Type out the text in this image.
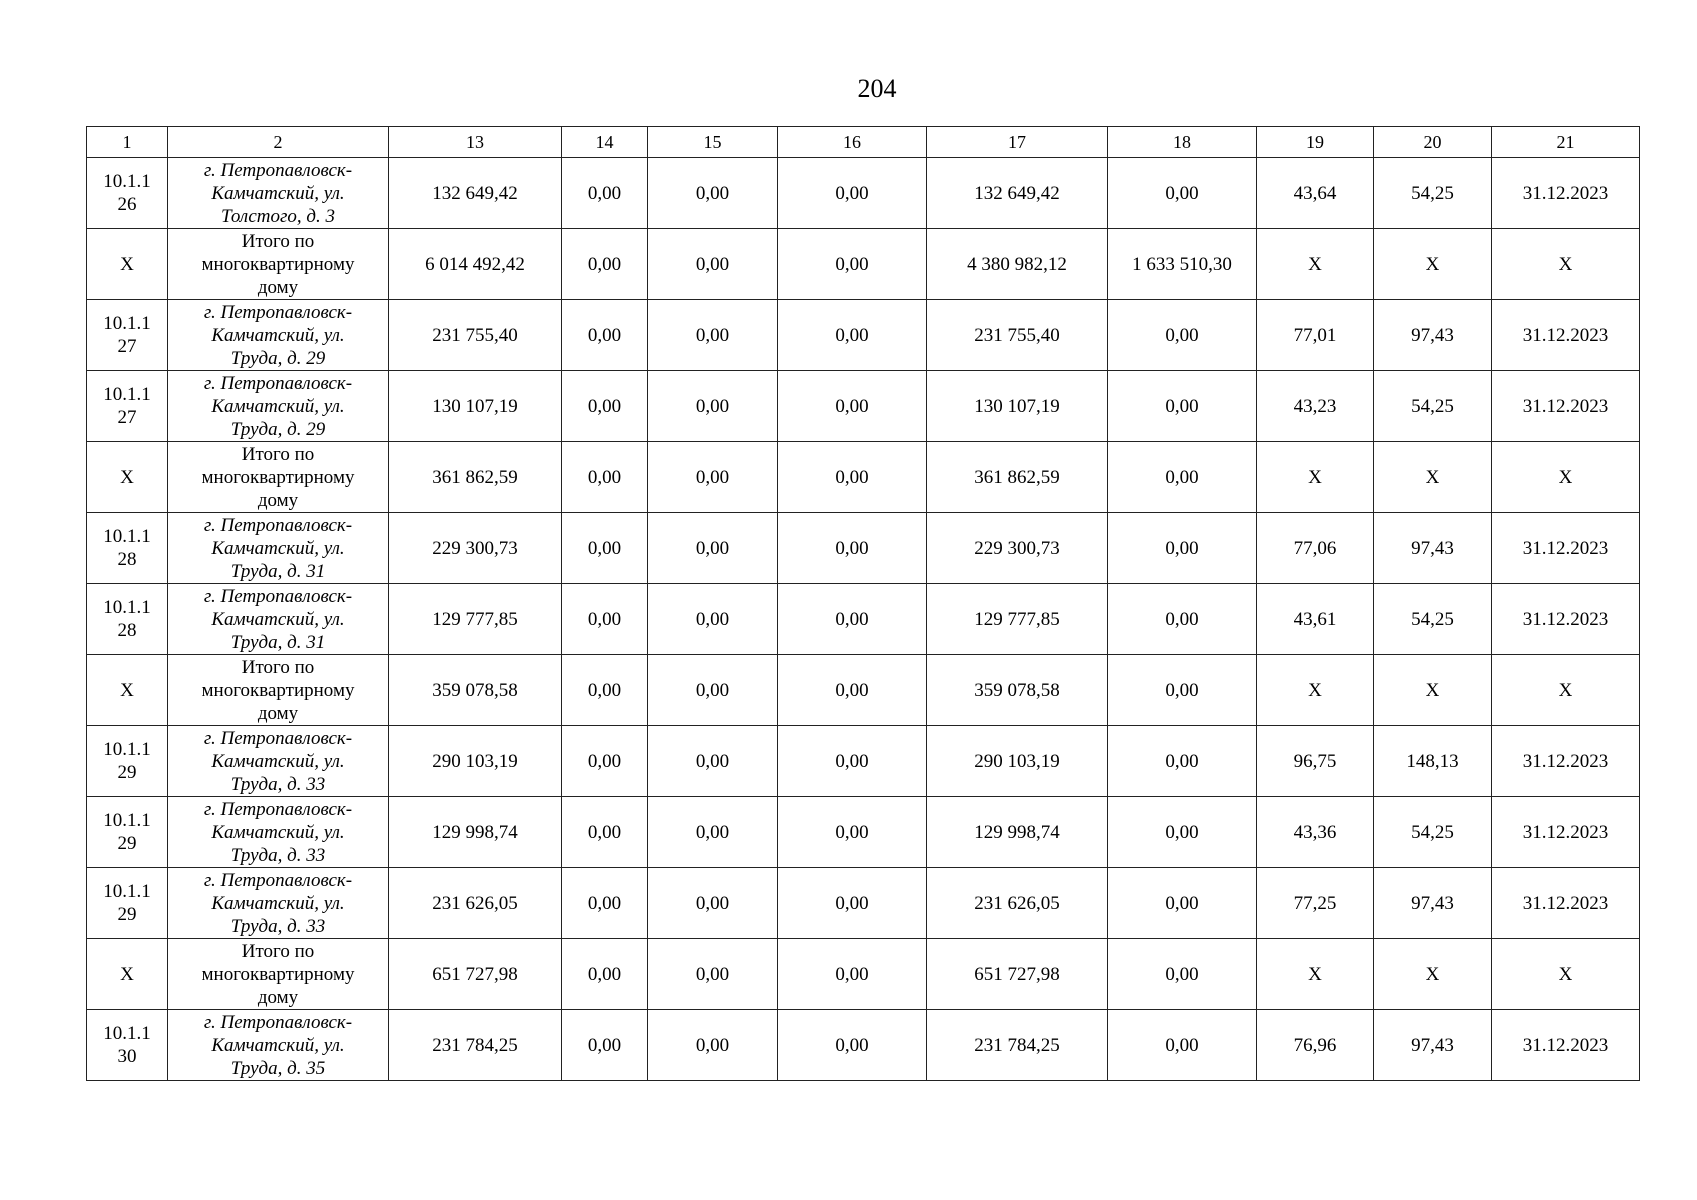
204
1	2	13	14	15	16	17	18	19	20	21

10.1.1
26	г. Петропавловск-
Камчатский, ул.
Толстого, д. 3	132 649,42	0,00	0,00	0,00	132 649,42	0,00	43,64	54,25	31.12.2023

X	Итого по
многоквартирному
дому	6 014 492,42	0,00	0,00	0,00	4 380 982,12	1 633 510,30	X	X	X

10.1.1
27	г. Петропавловск-
Камчатский, ул.
Труда, д. 29	231 755,40	0,00	0,00	0,00	231 755,40	0,00	77,01	97,43	31.12.2023

10.1.1
27	г. Петропавловск-
Камчатский, ул.
Труда, д. 29	130 107,19	0,00	0,00	0,00	130 107,19	0,00	43,23	54,25	31.12.2023

X	Итого по
многоквартирному
дому	361 862,59	0,00	0,00	0,00	361 862,59	0,00	X	X	X

10.1.1
28	г. Петропавловск-
Камчатский, ул.
Труда, д. 31	229 300,73	0,00	0,00	0,00	229 300,73	0,00	77,06	97,43	31.12.2023

10.1.1
28	г. Петропавловск-
Камчатский, ул.
Труда, д. 31	129 777,85	0,00	0,00	0,00	129 777,85	0,00	43,61	54,25	31.12.2023

X	Итого по
многоквартирному
дому	359 078,58	0,00	0,00	0,00	359 078,58	0,00	X	X	X

10.1.1
29	г. Петропавловск-
Камчатский, ул.
Труда, д. 33	290 103,19	0,00	0,00	0,00	290 103,19	0,00	96,75	148,13	31.12.2023

10.1.1
29	г. Петропавловск-
Камчатский, ул.
Труда, д. 33	129 998,74	0,00	0,00	0,00	129 998,74	0,00	43,36	54,25	31.12.2023

10.1.1
29	г. Петропавловск-
Камчатский, ул.
Труда, д. 33	231 626,05	0,00	0,00	0,00	231 626,05	0,00	77,25	97,43	31.12.2023

X	Итого по
многоквартирному
дому	651 727,98	0,00	0,00	0,00	651 727,98	0,00	X	X	X

10.1.1
30	г. Петропавловск-
Камчатский, ул.
Труда, д. 35	231 784,25	0,00	0,00	0,00	231 784,25	0,00	76,96	97,43	31.12.2023
